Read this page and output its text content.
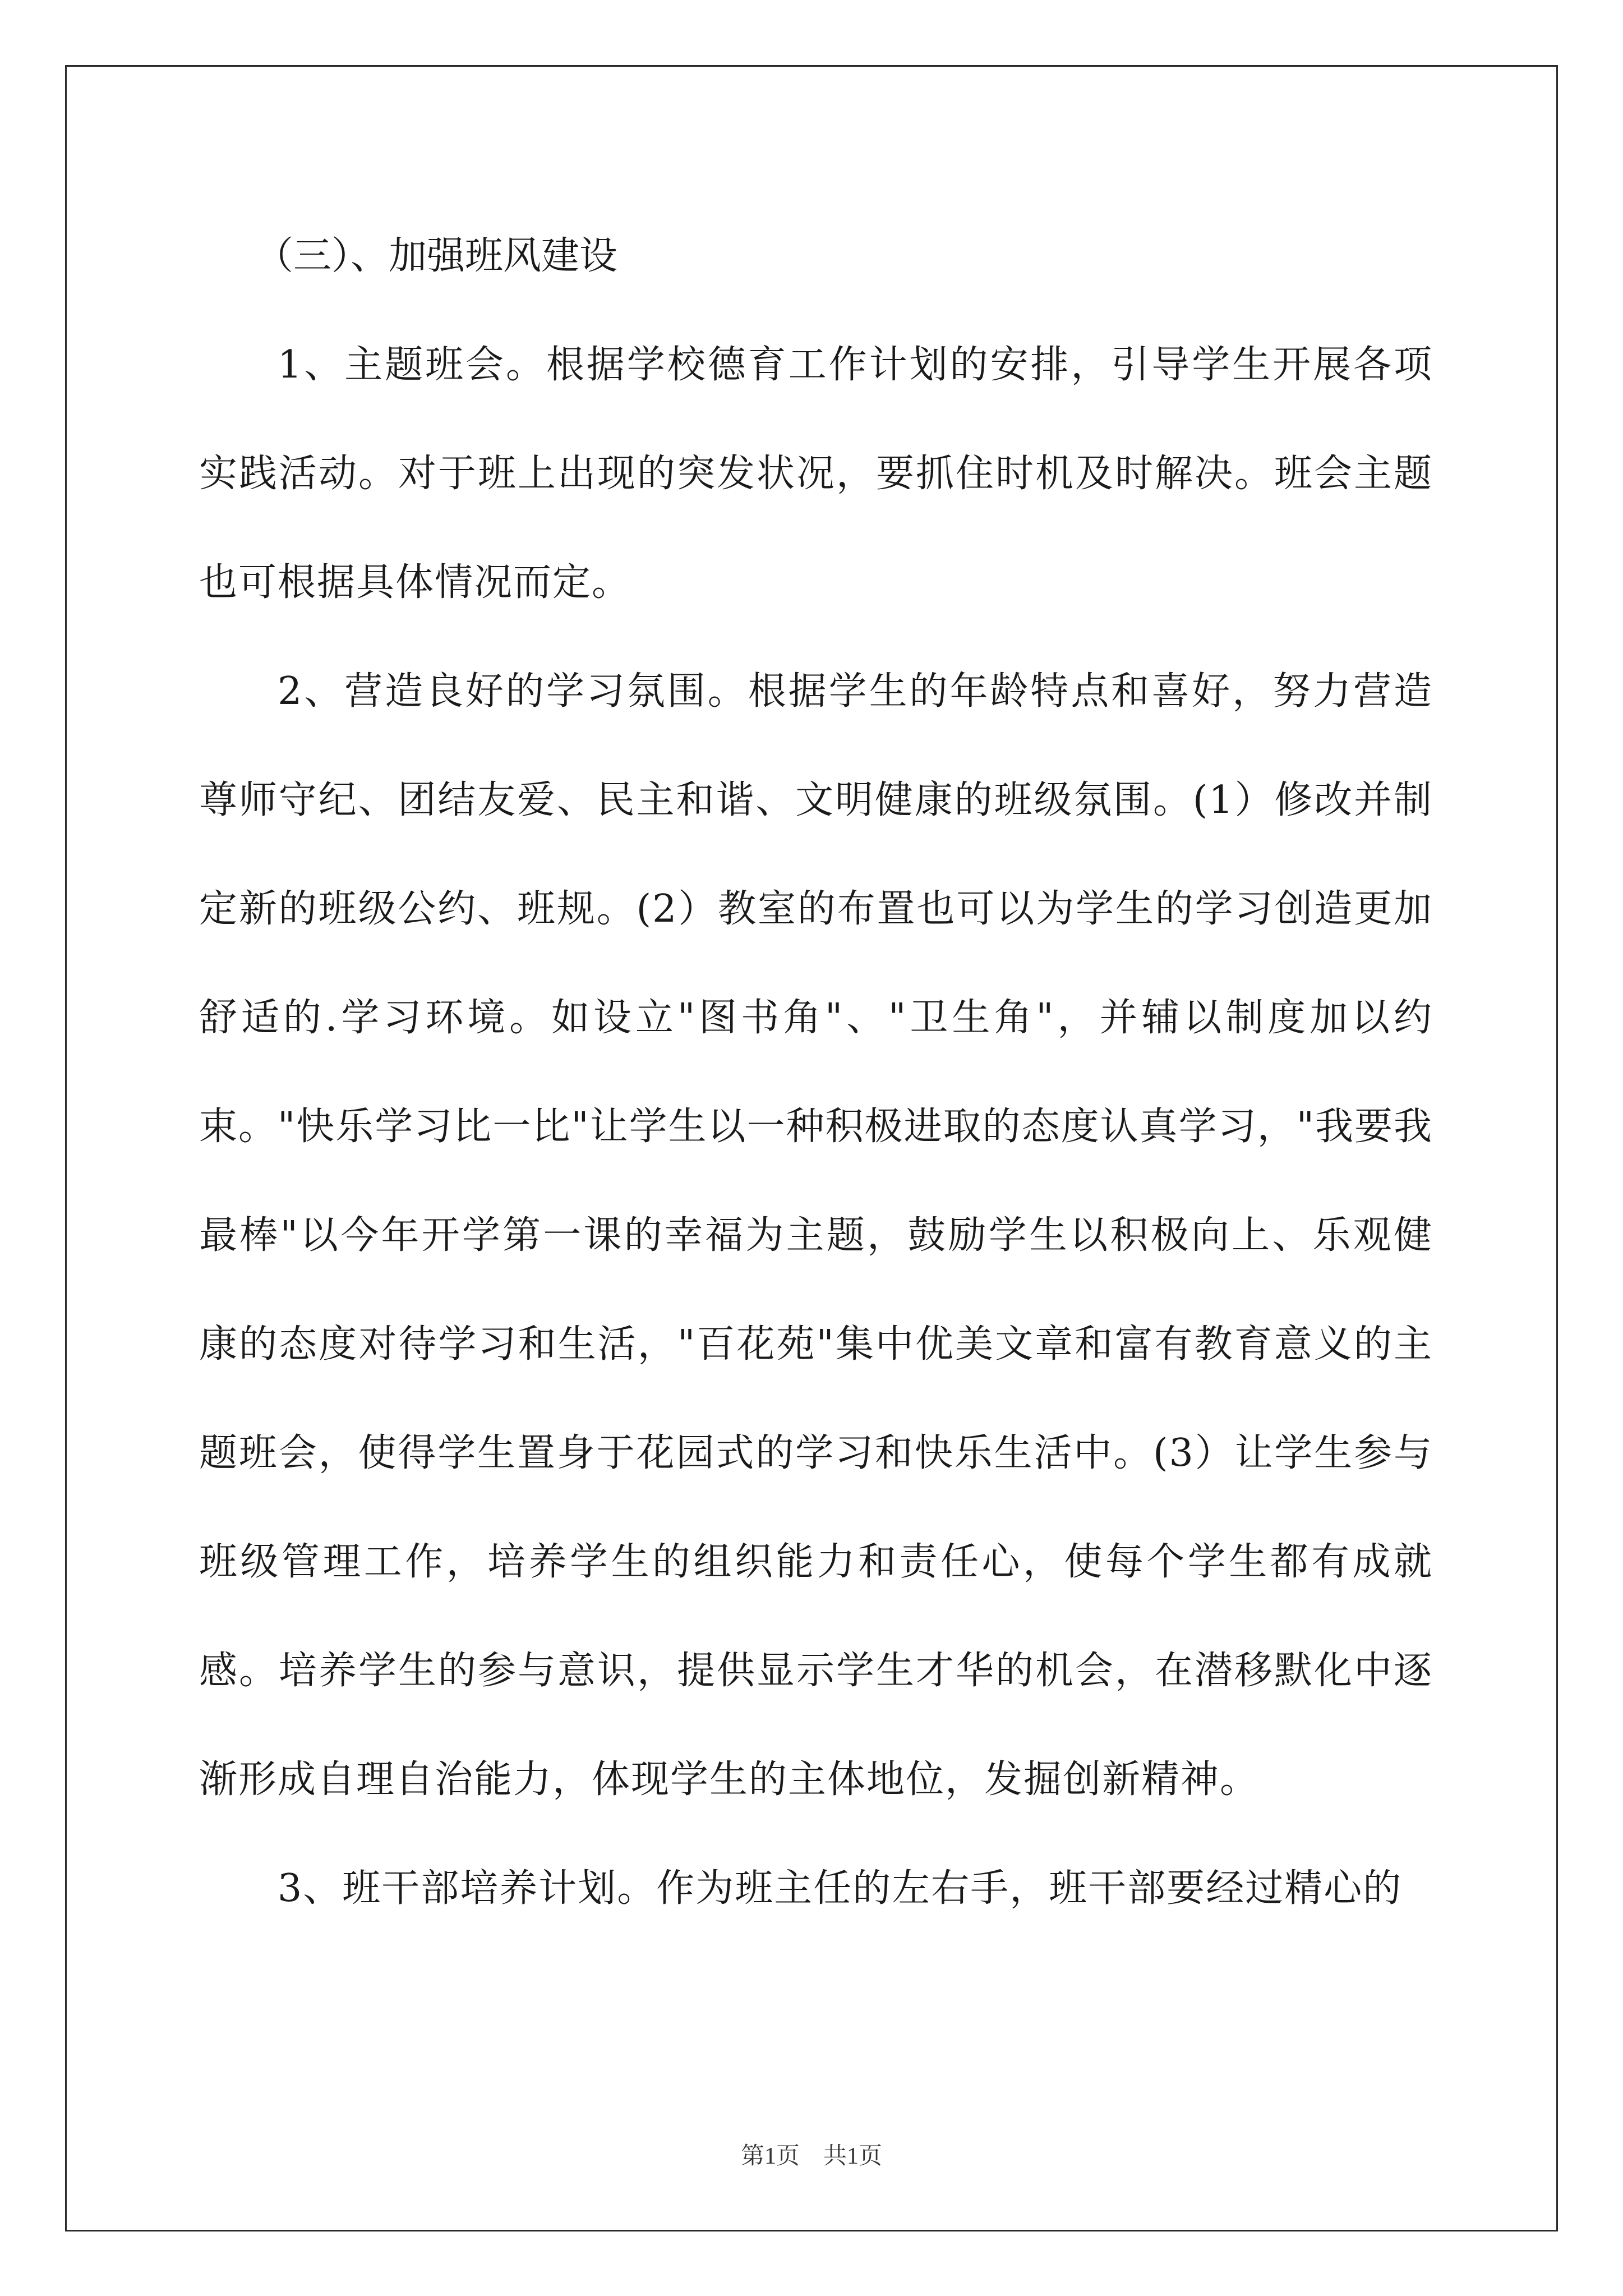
（三）、加强班风建设

1、主题班会。根据学校德育工作计划的安排，引导学生开展各项实践活动。对于班上出现的突发状况，要抓住时机及时解决。班会主题也可根据具体情况而定。

2、营造良好的学习氛围。根据学生的年龄特点和喜好，努力营造尊师守纪、团结友爱、民主和谐、文明健康的班级氛围。(1）修改并制定新的班级公约、班规。(2）教室的布置也可以为学生的学习创造更加舒适的.学习环境。如设立"图书角"、"卫生角"，并辅以制度加以约束。"快乐学习比一比"让学生以一种积极进取的态度认真学习，"我要我最棒"以今年开学第一课的幸福为主题，鼓励学生以积极向上、乐观健康的态度对待学习和生活，"百花苑"集中优美文章和富有教育意义的主题班会，使得学生置身于花园式的学习和快乐生活中。(3）让学生参与班级管理工作，培养学生的组织能力和责任心，使每个学生都有成就感。培养学生的参与意识，提供显示学生才华的机会，在潜移默化中逐渐形成自理自治能力，体现学生的主体地位，发掘创新精神。

3、班干部培养计划。作为班主任的左右手，班干部要经过精心的

第1页　共1页
